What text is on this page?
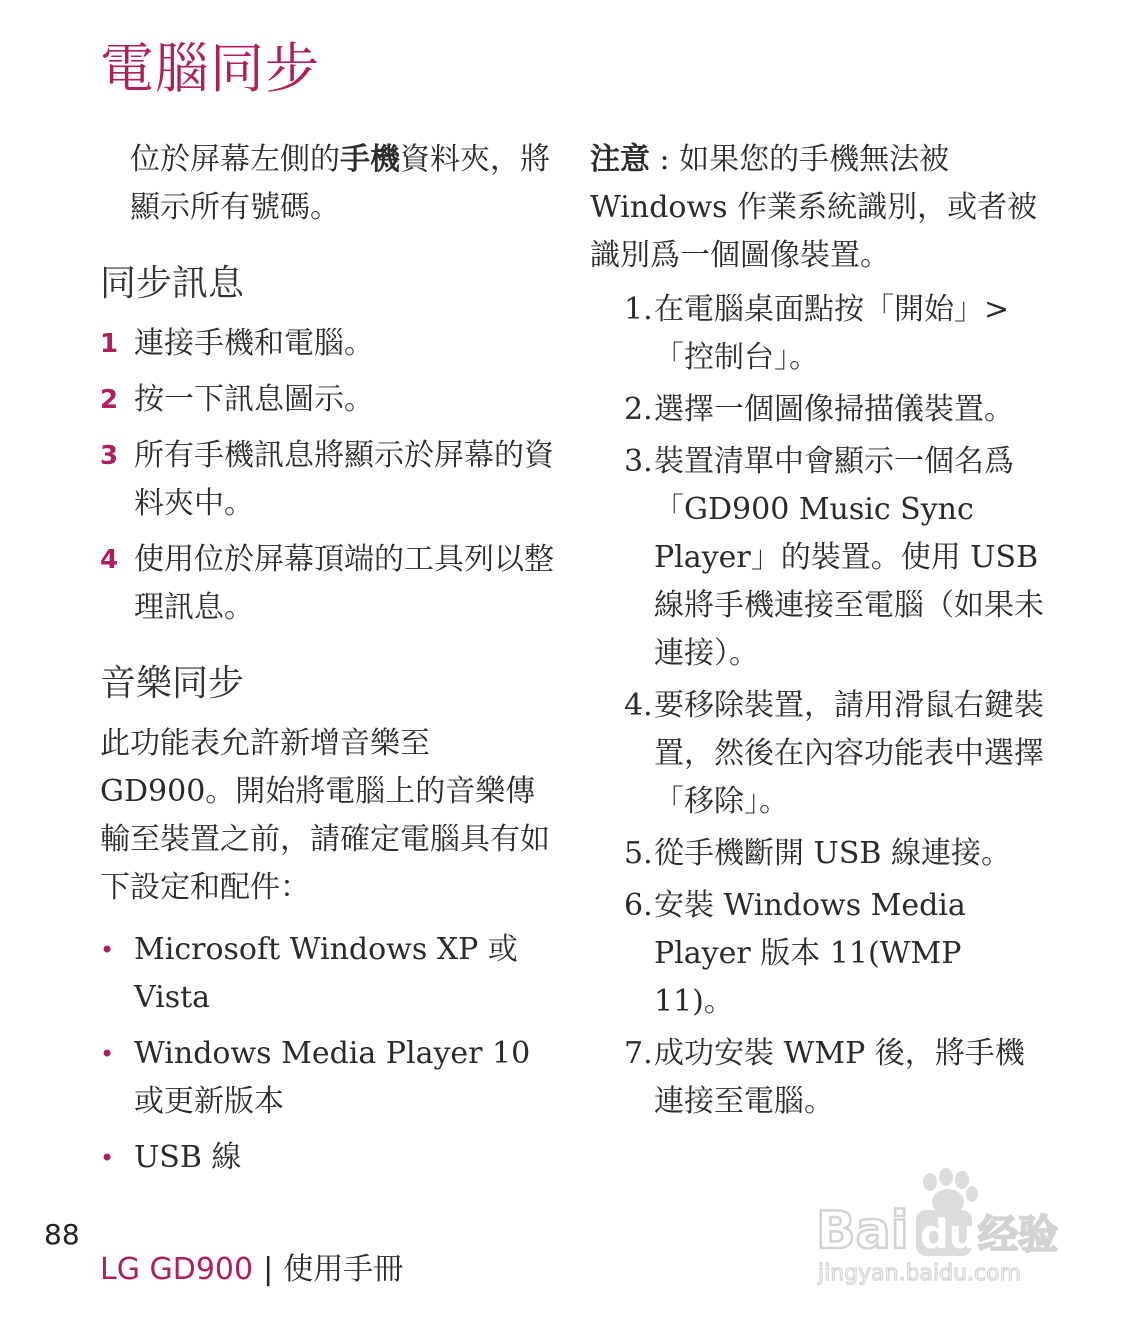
電腦同步

位於屏幕左側的手機資料夾，將顯示所有號碼。

同步訊息
1 連接手機和電腦。
2 按一下訊息圖示。
3 所有手機訊息將顯示於屏幕的資料夾中。
4 使用位於屏幕頂端的工具列以整理訊息。
音樂同步

此功能表允許新增音樂至 GD900。開始將電腦上的音樂傳輸至裝置之前，請確定電腦具有如下設定和配件：

• Microsoft Windows XP 或 Vista
• Windows Media Player 10 或更新版本
• USB 線

注意 : 如果您的手機無法被 Windows 作業系統識別，或者被識別爲一個圖像裝置。

1. 在電腦桌面點按「開始」>「控制台」。
2. 選擇一個圖像掃描儀裝置。
3. 裝置清單中會顯示一個名爲「GD900 Music Sync Player」的裝置。使用 USB 線將手機連接至電腦（如果未連接）。
4. 要移除裝置，請用滑鼠右鍵裝置，然後在內容功能表中選擇「移除」。
5. 從手機斷開 USB 線連接。
6. 安裝 Windows Media Player 版本 11(WMP 11)。
7. 成功安裝 WMP 後，將手機連接至電腦。
88
LG GD900 | 使用手冊
Bai du 经验
jingyan.baidu.com
